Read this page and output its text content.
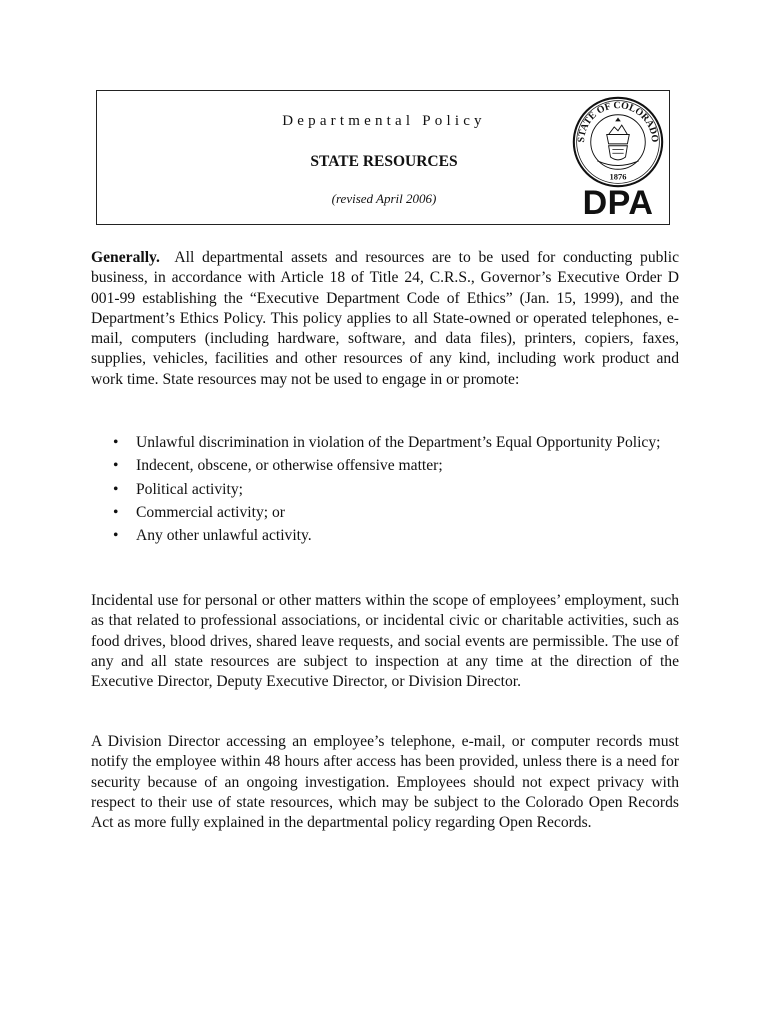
Departmental Policy
STATE RESOURCES
(revised April 2006)
STATE OF COLORADO
1876
DPA

Generally. All departmental assets and resources are to be used for conducting public business, in accordance with Article 18 of Title 24, C.R.S., Governor’s Executive Order D 001-99 establishing the “Executive Department Code of Ethics” (Jan. 15, 1999), and the Department’s Ethics Policy. This policy applies to all State-owned or operated telephones, e-mail, computers (including hardware, software, and data files), printers, copiers, faxes, supplies, vehicles, facilities and other resources of any kind, including work product and work time. State resources may not be used to engage in or promote:

• Unlawful discrimination in violation of the Department’s Equal Opportunity Policy;
• Indecent, obscene, or otherwise offensive matter;
• Political activity;
• Commercial activity; or
• Any other unlawful activity.

Incidental use for personal or other matters within the scope of employees’ employment, such as that related to professional associations, or incidental civic or charitable activities, such as food drives, blood drives, shared leave requests, and social events are permissible. The use of any and all state resources are subject to inspection at any time at the direction of the Executive Director, Deputy Executive Director, or Division Director.

A Division Director accessing an employee’s telephone, e-mail, or computer records must notify the employee within 48 hours after access has been provided, unless there is a need for security because of an ongoing investigation. Employees should not expect privacy with respect to their use of state resources, which may be subject to the Colorado Open Records Act as more fully explained in the departmental policy regarding Open Records.
